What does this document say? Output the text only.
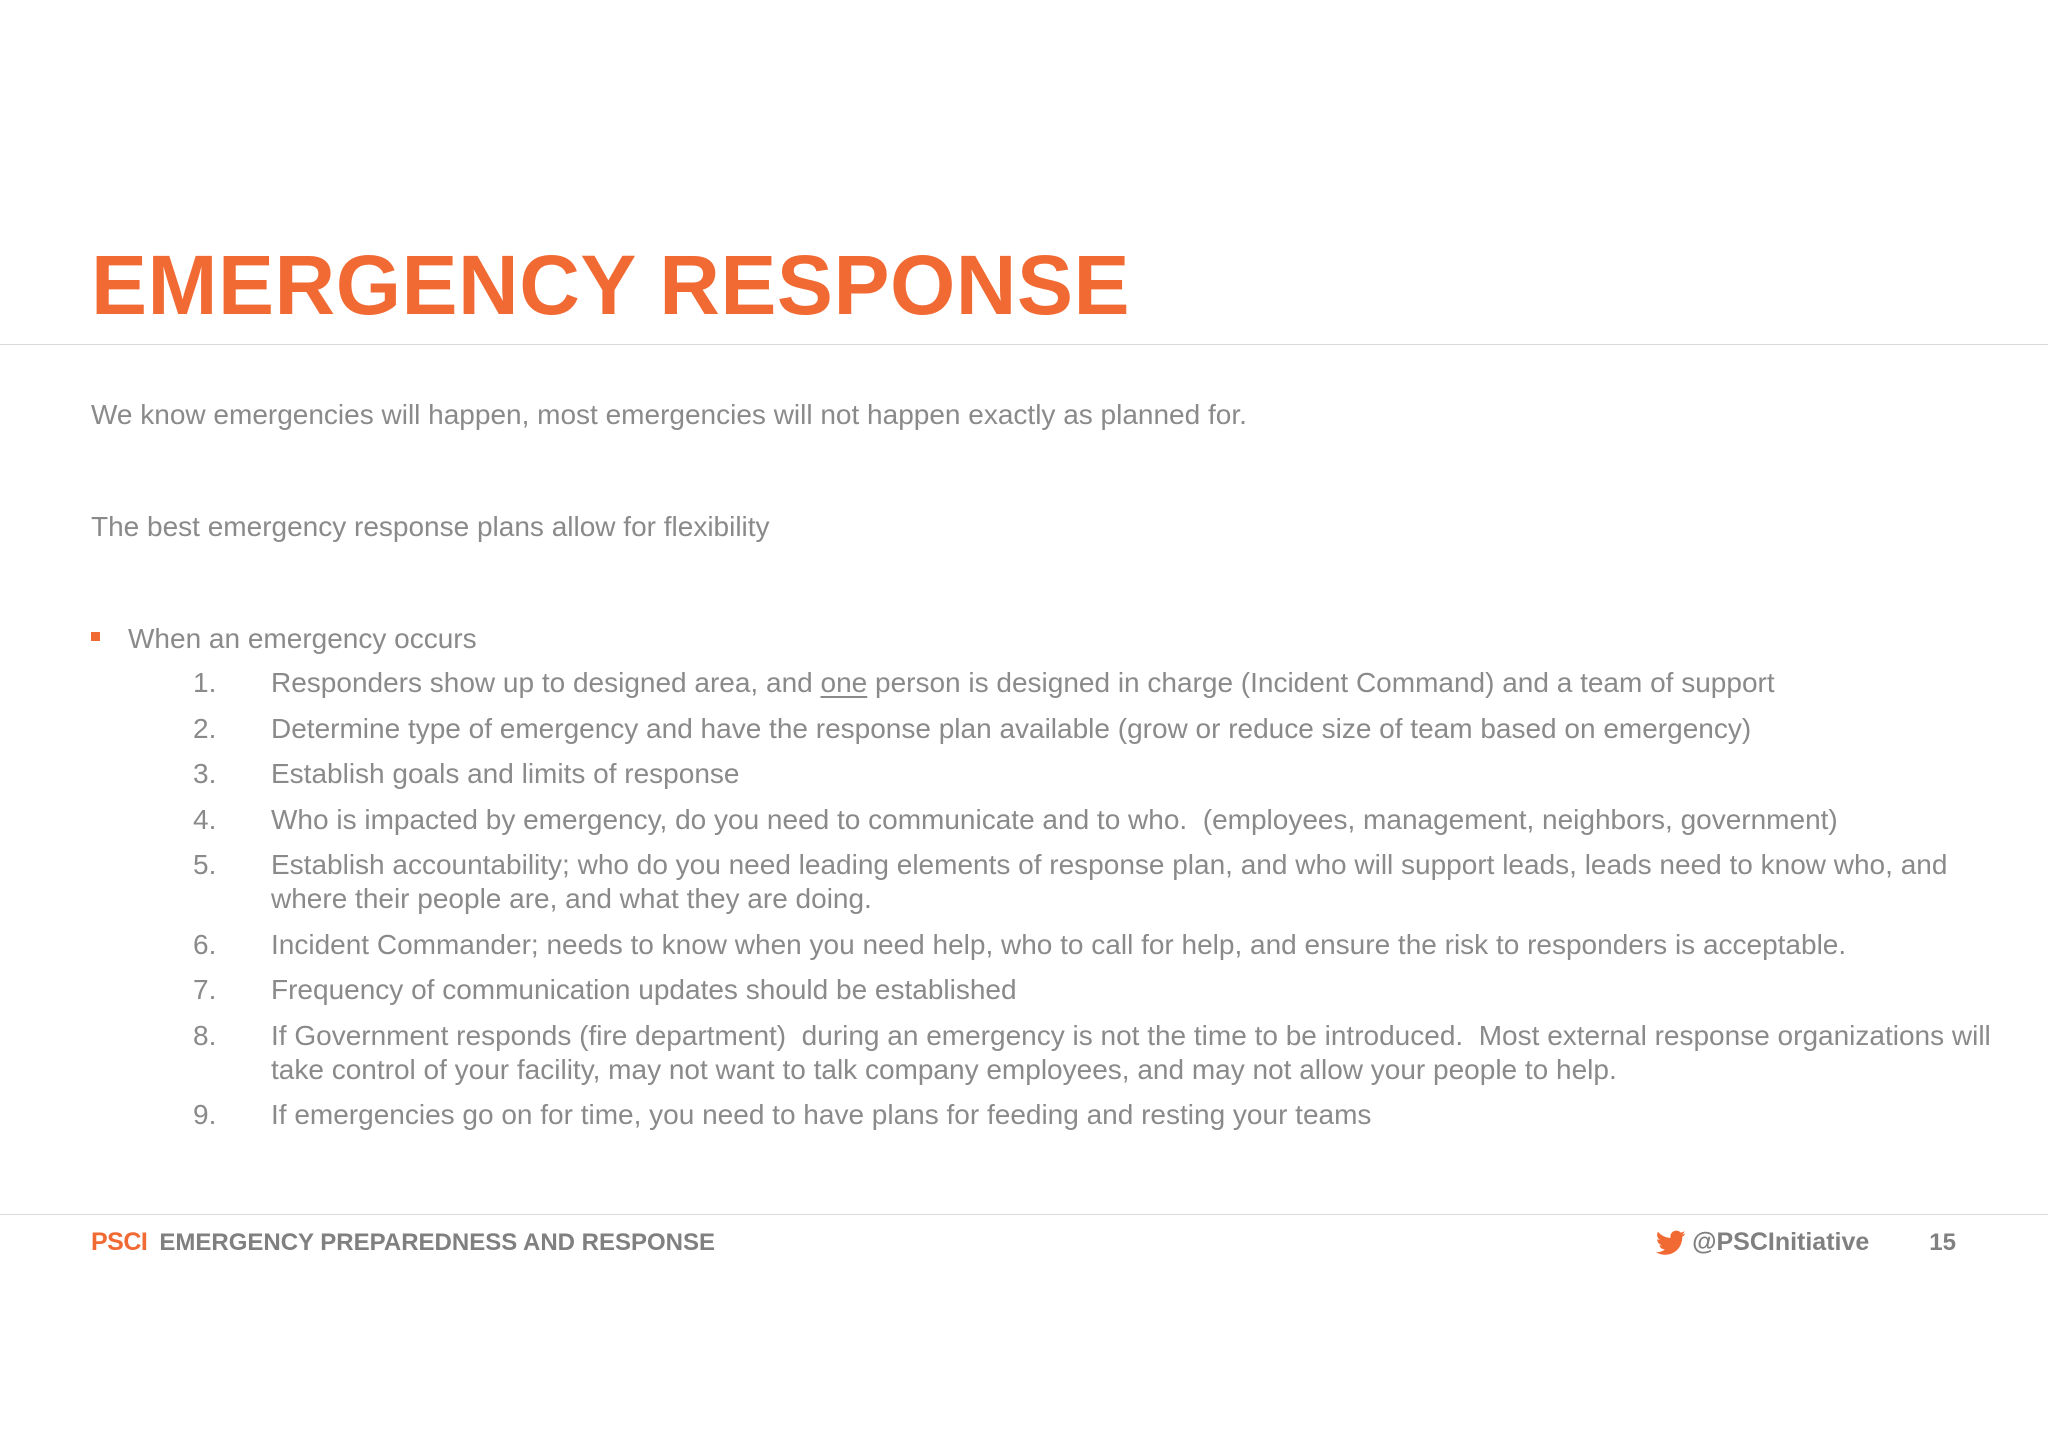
EMERGENCY RESPONSE

We know emergencies will happen, most emergencies will not happen exactly as planned for.

The best emergency response plans allow for flexibility

When an emergency occurs
1.	Responders show up to designed area, and one person is designed in charge (Incident Command) and a team of support
2.	Determine type of emergency and have the response plan available (grow or reduce size of team based on emergency)
3.	Establish goals and limits of response
4.	Who is impacted by emergency, do you need to communicate and to who.  (employees, management, neighbors, government)
5.	Establish accountability; who do you need leading elements of response plan, and who will support leads, leads need to know who, and where their people are, and what they are doing.
6.	Incident Commander; needs to know when you need help, who to call for help, and ensure the risk to responders is acceptable.
7.	Frequency of communication updates should be established
8.	If Government responds (fire department)  during an emergency is not the time to be introduced.  Most external response organizations will take control of your facility, may not want to talk company employees, and may not allow your people to help.
9.	If emergencies go on for time, you need to have plans for feeding and resting your teams
PSCI EMERGENCY PREPAREDNESS AND RESPONSE	@PSCInitiative	15
